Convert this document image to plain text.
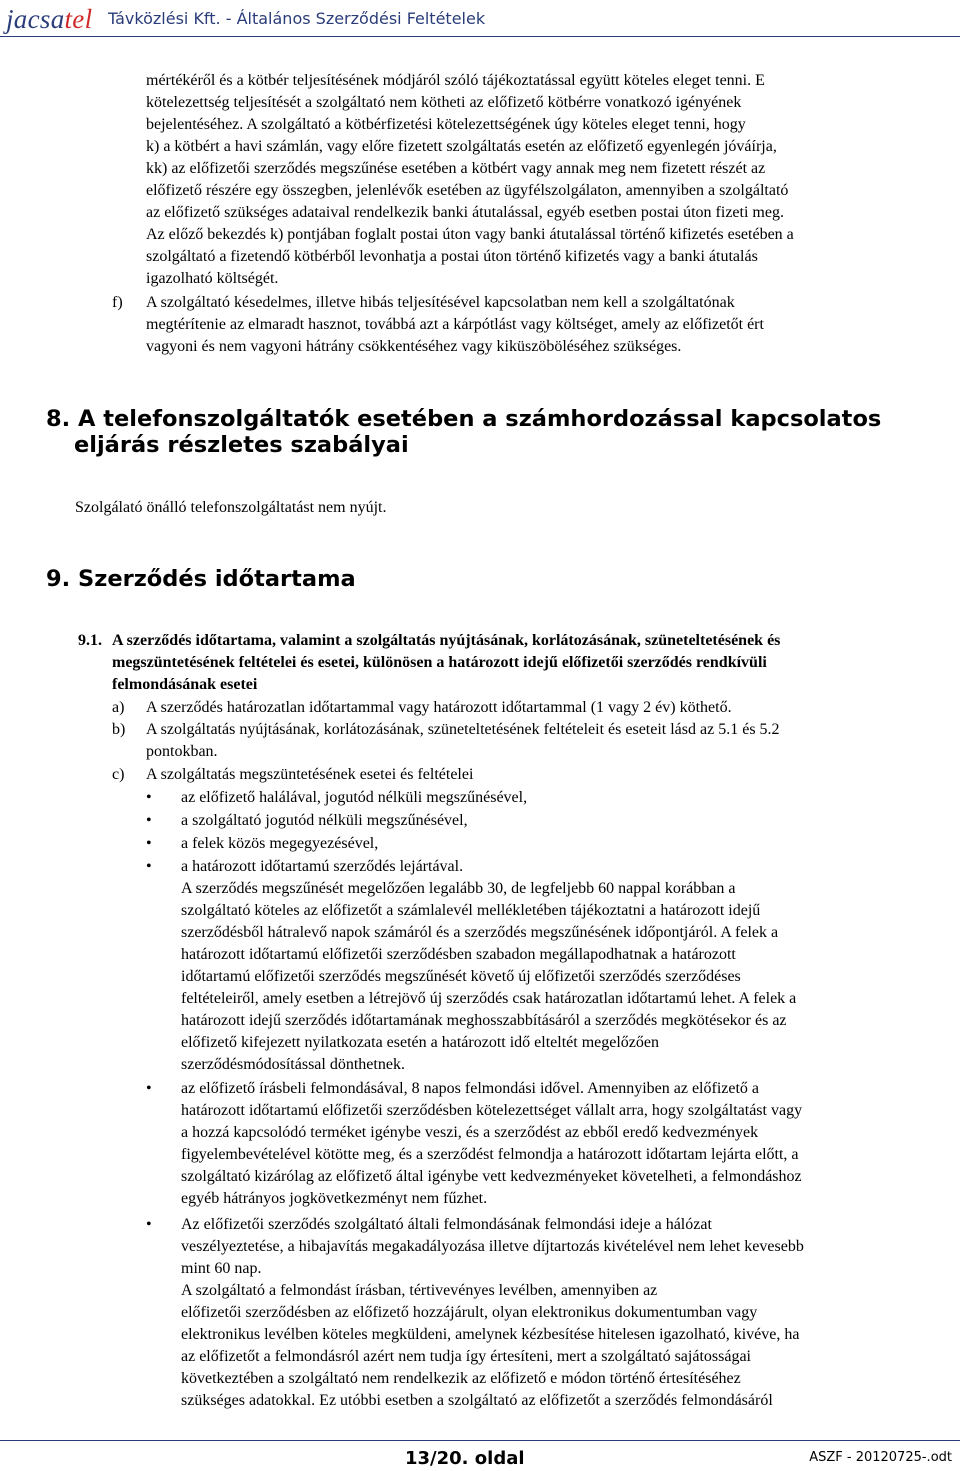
jacsatel Távközlési Kft. - Általános Szerződési Feltételek
mértékéről és a kötbér teljesítésének módjáról szóló tájékoztatással együtt köteles eleget tenni. E
kötelezettség teljesítését a szolgáltató nem kötheti az előfizető kötbérre vonatkozó igényének
bejelentéséhez. A szolgáltató a kötbérfizetési kötelezettségének úgy köteles eleget tenni, hogy
k) a kötbért a havi számlán, vagy előre fizetett szolgáltatás esetén az előfizető egyenlegén jóváírja,
kk) az előfizetői szerződés megszűnése esetében a kötbért vagy annak meg nem fizetett részét az
előfizető részére egy összegben, jelenlévők esetében az ügyfélszolgálaton, amennyiben a szolgáltató
az előfizető szükséges adataival rendelkezik banki átutalással, egyéb esetben postai úton fizeti meg.
Az előző bekezdés k) pontjában foglalt postai úton vagy banki átutalással történő kifizetés esetében a
szolgáltató a fizetendő kötbérből levonhatja a postai úton történő kifizetés vagy a banki átutalás
igazolható költségét.
f) A szolgáltató késedelmes, illetve hibás teljesítésével kapcsolatban nem kell a szolgáltatónak
megtérítenie az elmaradt hasznot, továbbá azt a kárpótlást vagy költséget, amely az előfizetőt ért
vagyoni és nem vagyoni hátrány csökkentéséhez vagy kiküszöböléséhez szükséges.
8. A telefonszolgáltatók esetében a számhordozással kapcsolatos
eljárás részletes szabályai
Szolgálató önálló telefonszolgáltatást nem nyújt.
9. Szerződés időtartama
9.1. A szerződés időtartama, valamint a szolgáltatás nyújtásának, korlátozásának, szüneteltetésének és
megszüntetésének feltételei és esetei, különösen a határozott idejű előfizetői szerződés rendkívüli
felmondásának esetei
a) A szerződés határozatlan időtartammal vagy határozott időtartammal (1 vagy 2 év) köthető.
b) A szolgáltatás nyújtásának, korlátozásának, szüneteltetésének feltételeit és eseteit lásd az 5.1 és 5.2
pontokban.
c) A szolgáltatás megszüntetésének esetei és feltételei
• az előfizető halálával, jogutód nélküli megszűnésével,
• a szolgáltató jogutód nélküli megszűnésével,
• a felek közös megegyezésével,
• a határozott időtartamú szerződés lejártával.
A szerződés megszűnését megelőzően legalább 30, de legfeljebb 60 nappal korábban a
szolgáltató köteles az előfizetőt a számlalevél mellékletében tájékoztatni a határozott idejű
szerződésből hátralevő napok számáról és a szerződés megszűnésének időpontjáról. A felek a
határozott időtartamú előfizetői szerződésben szabadon megállapodhatnak a határozott
időtartamú előfizetői szerződés megszűnését követő új előfizetői szerződés szerződéses
feltételeiről, amely esetben a létrejövő új szerződés csak határozatlan időtartamú lehet. A felek a
határozott idejű szerződés időtartamának meghosszabbításáról a szerződés megkötésekor és az
előfizető kifejezett nyilatkozata esetén a határozott idő elteltét megelőzően
szerződésmódosítással dönthetnek.
• az előfizető írásbeli felmondásával, 8 napos felmondási idővel. Amennyiben az előfizető a
határozott időtartamú előfizetői szerződésben kötelezettséget vállalt arra, hogy szolgáltatást vagy
a hozzá kapcsolódó terméket igénybe veszi, és a szerződést az ebből eredő kedvezmények
figyelembevételével kötötte meg, és a szerződést felmondja a határozott időtartam lejárta előtt, a
szolgáltató kizárólag az előfizető által igénybe vett kedvezményeket követelheti, a felmondáshoz
egyéb hátrányos jogkövetkezményt nem fűzhet.
• Az előfizetői szerződés szolgáltató általi felmondásának felmondási ideje a hálózat
veszélyeztetése, a hibajavítás megakadályozása illetve díjtartozás kivételével nem lehet kevesebb
mint 60 nap.
A szolgáltató a felmondást írásban, tértivevényes levélben, amennyiben az
előfizetői szerződésben az előfizető hozzájárult, olyan elektronikus dokumentumban vagy
elektronikus levélben köteles megküldeni, amelynek kézbesítése hitelesen igazolható, kivéve, ha
az előfizetőt a felmondásról azért nem tudja így értesíteni, mert a szolgáltató sajátosságai
következtében a szolgáltató nem rendelkezik az előfizető e módon történő értesítéséhez
szükséges adatokkal. Ez utóbbi esetben a szolgáltató az előfizetőt a szerződés felmondásáról
13/20. oldal	ASZF - 20120725-.odt
